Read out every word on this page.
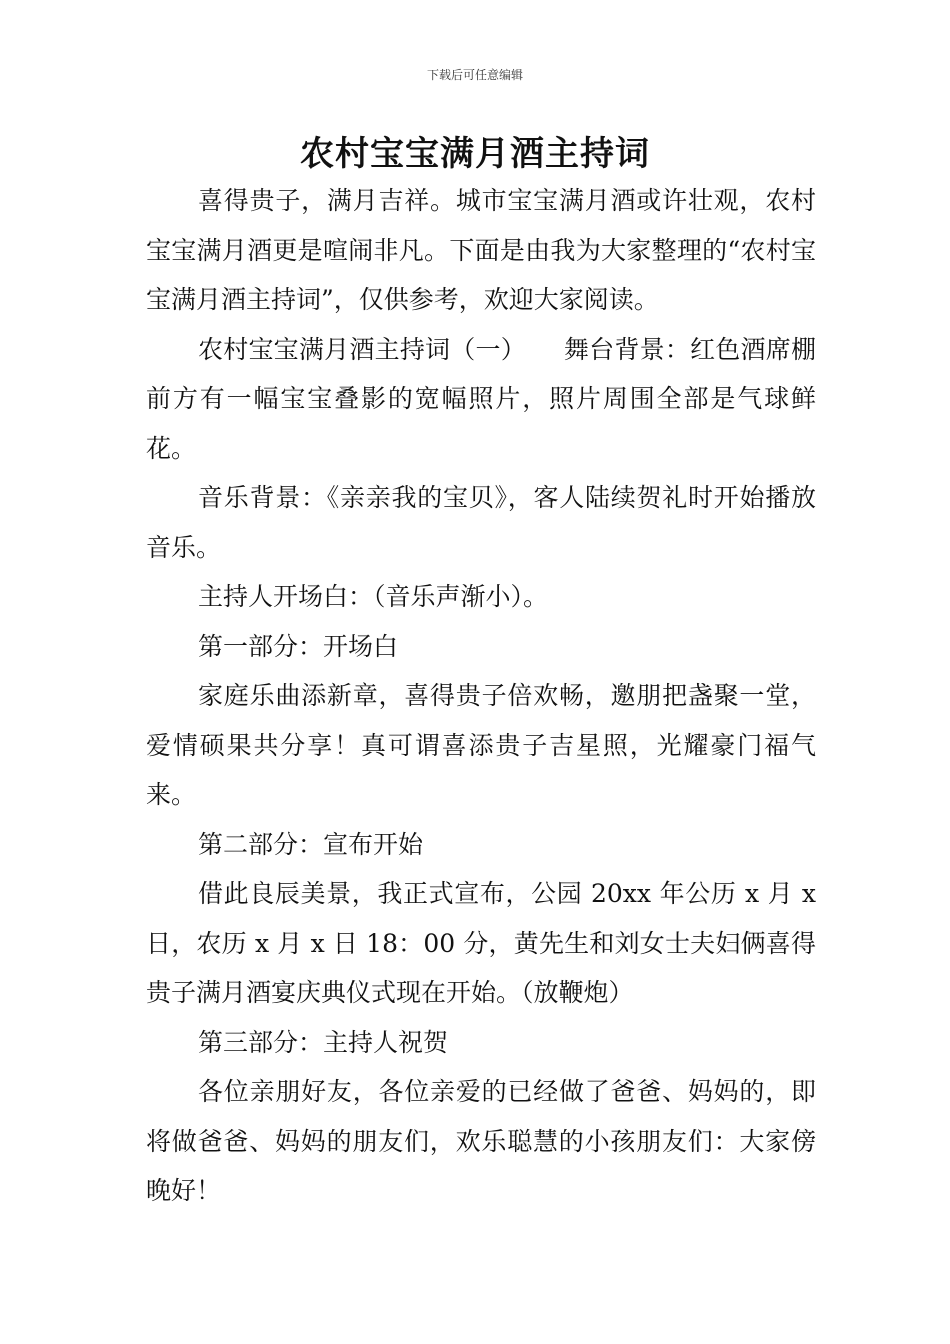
下载后可任意编辑
农村宝宝满月酒主持词

喜得贵子，满月吉祥。城市宝宝满月酒或许壮观，农村宝宝满月酒更是喧闹非凡。下面是由我为大家整理的“农村宝宝满月酒主持词”，仅供参考，欢迎大家阅读。

农村宝宝满月酒主持词（一）　　舞台背景：红色酒席棚前方有一幅宝宝叠影的宽幅照片，照片周围全部是气球鲜花。

音乐背景：《亲亲我的宝贝》，客人陆续贺礼时开始播放音乐。

主持人开场白：（音乐声渐小）。

第一部分：开场白

家庭乐曲添新章，喜得贵子倍欢畅，邀朋把盏聚一堂，爱情硕果共分享！真可谓喜添贵子吉星照，光耀豪门福气来。

第二部分：宣布开始

借此良辰美景，我正式宣布，公园 20xx 年公历 x 月 x 日，农历 x 月 x 日 18：00 分，黄先生和刘女士夫妇俩喜得贵子满月酒宴庆典仪式现在开始。（放鞭炮）

第三部分：主持人祝贺

各位亲朋好友，各位亲爱的已经做了爸爸、妈妈的，即将做爸爸、妈妈的朋友们，欢乐聪慧的小孩朋友们：大家傍晚好！
